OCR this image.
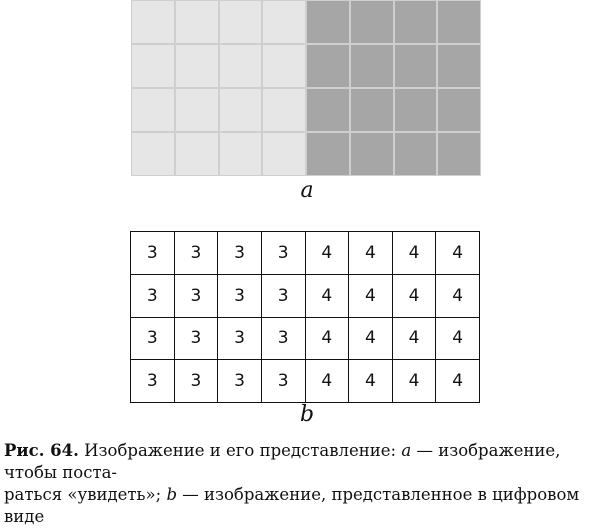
a
3	3	3	3	4	4	4	4
3	3	3	3	4	4	4	4
3	3	3	3	4	4	4	4
3	3	3	3	4	4	4	4
b

Рис. 64. Изображение и его представление: a — изображение, чтобы поста-
раться «увидеть»; b — изображение, представленное в цифровом виде
